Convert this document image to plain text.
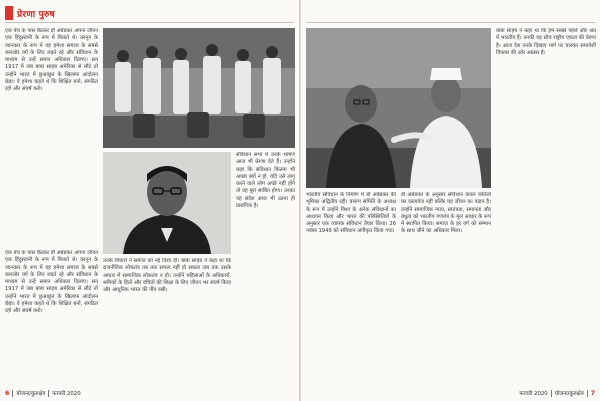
प्रेरणा पुरुष

एक बेंच के पास बैठकर डॉ अंबेडकर अपना जीवन एक हिंदुस्तानी के रूप में बिताते थे। कानून के जानकार के रूप में वह हमेशा समाज के सबसे कमजोर वर्ग के लिए लड़ते रहे और संविधान के माध्यम से उन्हें समान अधिकार दिलाए। सन् 1917 में जब बाबा साहब अमेरिका से लौटे तो उन्होंने भारत में छुआछूत के खिलाफ आंदोलन छेड़ा। वे हमेशा कहते थे कि शिक्षित बनो, संगठित रहो और संघर्ष करो।

संविधान सभा में उनके भाषण आज भी प्रेरणा देते हैं। उन्होंने कहा कि संविधान कितना भी अच्छा क्यों न हो, यदि उसे लागू करने वाले लोग अच्छे नहीं होंगे तो वह बुरा साबित होगा। उनका यह संदेश आज भी उतना ही प्रासंगिक है।

एक बेंच के पास बैठकर डॉ अंबेडकर अपना जीवन एक हिंदुस्तानी के रूप में बिताते थे। कानून के जानकार के रूप में वह हमेशा समाज के सबसे कमजोर वर्ग के लिए लड़ते रहे और संविधान के माध्यम से उन्हें समान अधिकार दिलाए। सन् 1917 में जब बाबा साहब अमेरिका से लौटे तो उन्होंने भारत में छुआछूत के खिलाफ आंदोलन छेड़ा। वे हमेशा कहते थे कि शिक्षित बनो, संगठित रहो और संघर्ष करो।

उनके विचारों ने समाज को नई दिशा दी। बाबा साहब ने कहा था कि राजनीतिक लोकतंत्र तब तक सफल नहीं हो सकता जब तक उसके आधार में सामाजिक लोकतंत्र न हो। उन्होंने महिलाओं के अधिकारों, श्रमिकों के हितों और वंचितों की शिक्षा के लिए जीवन भर संघर्ष किया और आधुनिक भारत की नींव रखी।

6 योजना/कुरुक्षेत्र फरवरी 2020

बाबा साहब ने कहा था कि हम सबसे पहले और अंत में भारतीय हैं। उनकी यह सोच राष्ट्रीय एकता की प्रेरणा है। आज देश उनके दिखाए मार्ग पर चलकर समावेशी विकास की ओर अग्रसर है।

भारतीय संविधान के निर्माण में डॉ अंबेडकर की भूमिका अद्वितीय रही। प्रारूप समिति के अध्यक्ष के रूप में उन्होंने विश्व के अनेक संविधानों का अध्ययन किया और भारत की परिस्थितियों के अनुसार एक व्यापक संविधान तैयार किया। 26 नवंबर 1949 को संविधान अंगीकृत किया गया।

डॉ अंबेडकर के अनुसार संविधान केवल वकीलों का दस्तावेज नहीं बल्कि यह जीवन का वाहन है। उन्होंने सामाजिक न्याय, स्वतंत्रता, समानता और बंधुत्व को भारतीय गणतंत्र के मूल आधार के रूप में स्थापित किया। समाज के हर वर्ग को सम्मान के साथ जीने का अधिकार मिला।

फरवरी 2020 योजना/कुरुक्षेत्र 7
